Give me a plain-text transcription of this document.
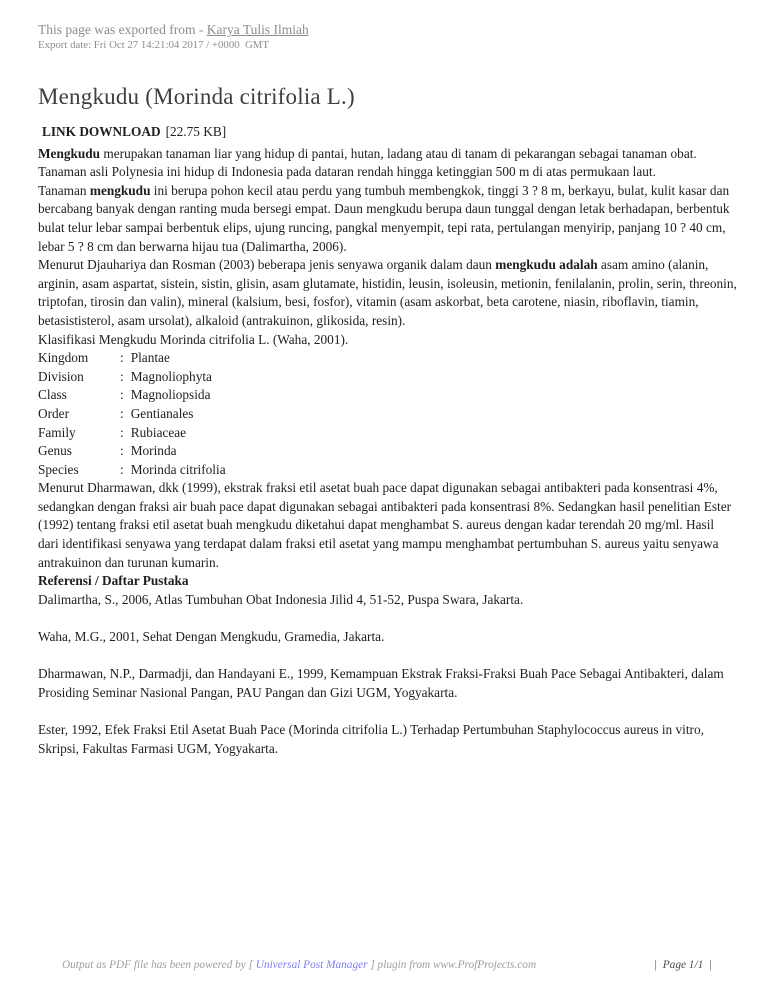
This page was exported from - Karya Tulis Ilmiah
Export date: Fri Oct 27 14:21:04 2017 / +0000  GMT
Mengkudu (Morinda citrifolia L.)

LINK DOWNLOAD [22.75 KB]

Mengkudu merupakan tanaman liar yang hidup di pantai, hutan, ladang atau di tanam di pekarangan sebagai tanaman obat.

Tanaman asli Polynesia ini hidup di Indonesia pada dataran rendah hingga ketinggian 500 m di atas permukaan laut.

Tanaman mengkudu ini berupa pohon kecil atau perdu yang tumbuh membengkok, tinggi 3 ? 8 m, berkayu, bulat, kulit kasar dan bercabang banyak dengan ranting muda bersegi empat. Daun mengkudu berupa daun tunggal dengan letak berhadapan, berbentuk bulat telur lebar sampai berbentuk elips, ujung runcing, pangkal menyempit, tepi rata, pertulangan menyirip, panjang 10 ? 40 cm, lebar 5 ? 8 cm dan berwarna hijau tua (Dalimartha, 2006).

Menurut Djauhariya dan Rosman (2003) beberapa jenis senyawa organik dalam daun mengkudu adalah asam amino (alanin, arginin, asam aspartat, sistein, sistin, glisin, asam glutamate, histidin, leusin, isoleusin, metionin, fenilalanin, prolin, serin, threonin, triptofan, tirosin dan valin), mineral (kalsium, besi, fosfor), vitamin (asam askorbat, beta carotene, niasin, riboflavin, tiamin, betasististerol, asam ursolat), alkaloid (antrakuinon, glikosida, resin).

Klasifikasi Mengkudu Morinda citrifolia L. (Waha, 2001).

Kingdom	: Plantae
Division	: Magnoliophyta
Class	: Magnoliopsida
Order	: Gentianales
Family	: Rubiaceae
Genus	: Morinda
Species	: Morinda citrifolia

Menurut Dharmawan, dkk (1999), ekstrak fraksi etil asetat buah pace dapat digunakan sebagai antibakteri pada konsentrasi 4%, sedangkan dengan fraksi air buah pace dapat digunakan sebagai antibakteri pada konsentrasi 8%. Sedangkan hasil penelitian Ester (1992) tentang fraksi etil asetat buah mengkudu diketahui dapat menghambat S. aureus dengan kadar terendah 20 mg/ml. Hasil dari identifikasi senyawa yang terdapat dalam fraksi etil asetat yang mampu menghambat pertumbuhan S. aureus yaitu senyawa antrakuinon dan turunan kumarin.

Referensi / Daftar Pustaka

Dalimartha, S., 2006, Atlas Tumbuhan Obat Indonesia Jilid 4, 51-52, Puspa Swara, Jakarta.

Waha, M.G., 2001, Sehat Dengan Mengkudu, Gramedia, Jakarta.

Dharmawan, N.P., Darmadji, dan Handayani E., 1999, Kemampuan Ekstrak Fraksi-Fraksi Buah Pace Sebagai Antibakteri, dalam Prosiding Seminar Nasional Pangan, PAU Pangan dan Gizi UGM, Yogyakarta.

Ester, 1992, Efek Fraksi Etil Asetat Buah Pace (Morinda citrifolia L.) Terhadap Pertumbuhan Staphylococcus aureus in vitro, Skripsi, Fakultas Farmasi UGM, Yogyakarta.

Output as PDF file has been powered by [ Universal Post Manager ] plugin from www.ProfProjects.com	|  Page 1/1  |
